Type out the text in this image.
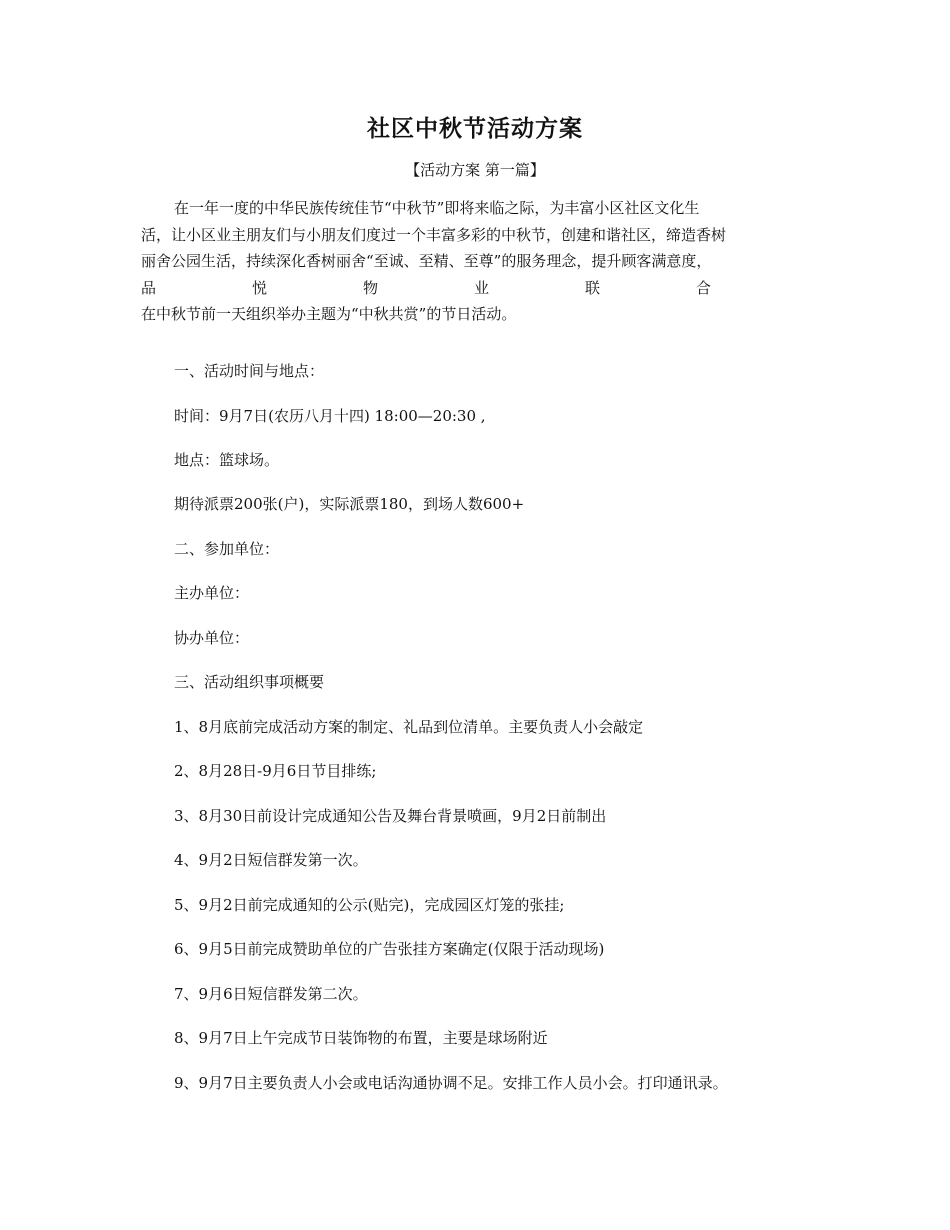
社区中秋节活动方案
【活动方案 第一篇】
在一年一度的中华民族传统佳节“中秋节”即将来临之际，为丰富小区社区文化生
活，让小区业主朋友们与小朋友们度过一个丰富多彩的中秋节，创建和谐社区，缔造香树
丽舍公园生活，持续深化香树丽舍“至诚、至精、至尊”的服务理念，提升顾客满意度，
品	悦	物	业	联	合
在中秋节前一天组织举办主题为“中秋共赏”的节日活动。
一、活动时间与地点：
时间：9月7日(农历八月十四) 18:00—20:30 ,
地点：篮球场。
期待派票200张(户)，实际派票180，到场人数600+
二、参加单位：
主办单位：
协办单位：
三、活动组织事项概要
1、8月底前完成活动方案的制定、礼品到位清单。主要负责人小会敲定
2、8月28日-9月6日节目排练;
3、8月30日前设计完成通知公告及舞台背景喷画，9月2日前制出
4、9月2日短信群发第一次。
5、9月2日前完成通知的公示(贴完)，完成园区灯笼的张挂;
6、9月5日前完成赞助单位的广告张挂方案确定(仅限于活动现场)
7、9月6日短信群发第二次。
8、9月7日上午完成节日装饰物的布置，主要是球场附近
9、9月7日主要负责人小会或电话沟通协调不足。安排工作人员小会。打印通讯录。
